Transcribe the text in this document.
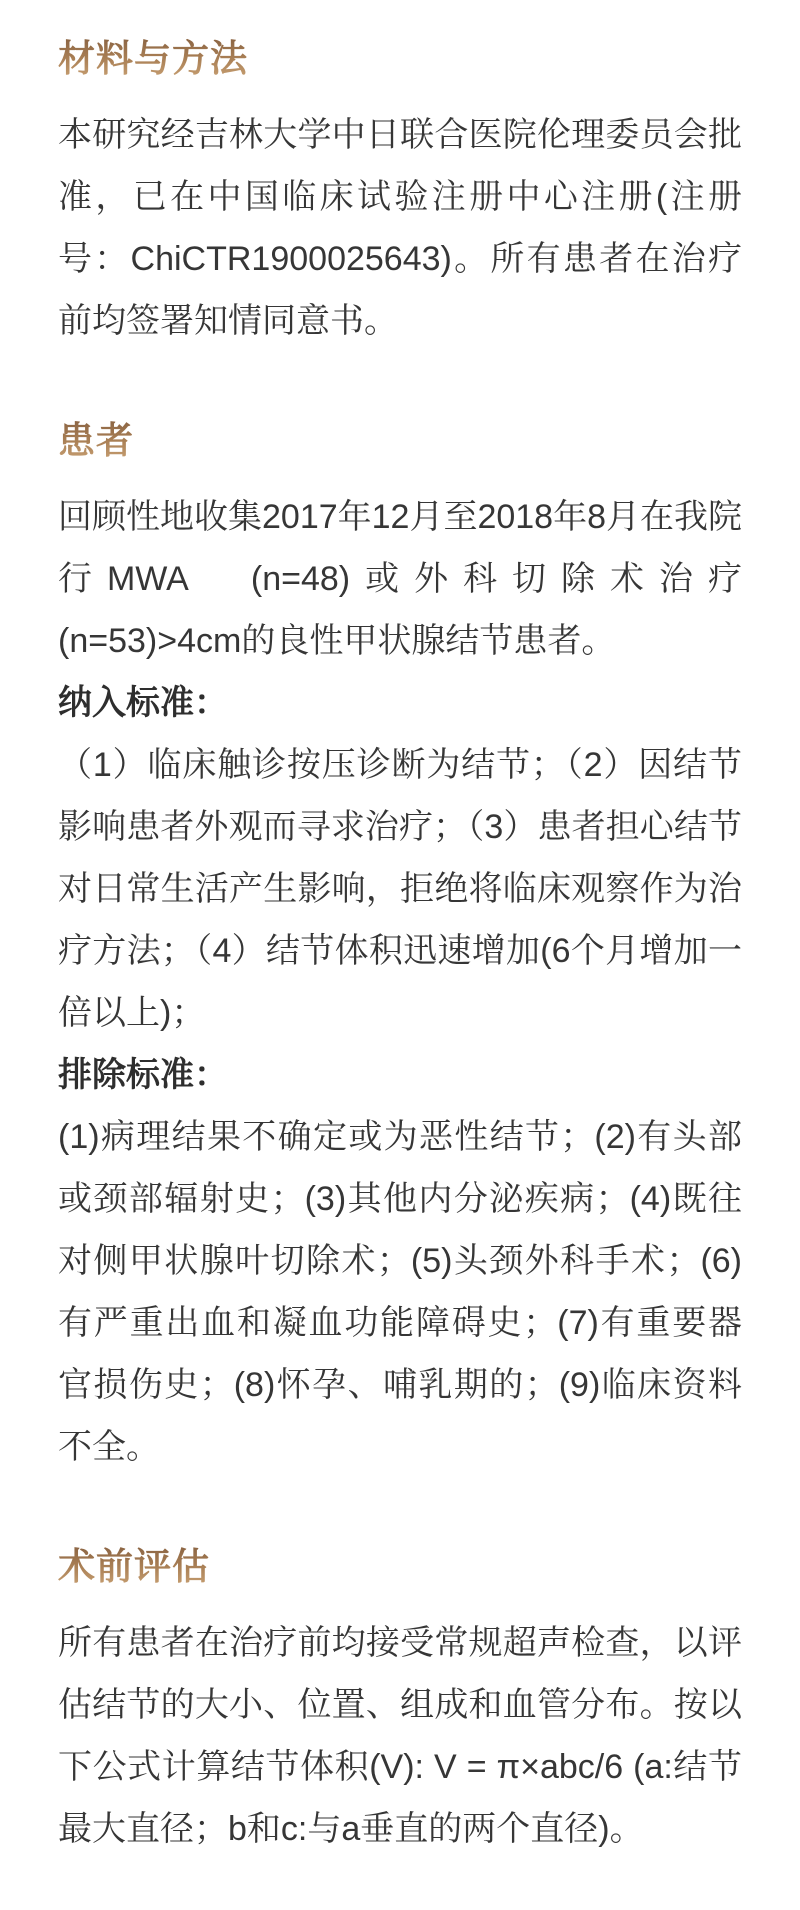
材料与方法

本研究经吉林大学中日联合医院伦理委员会批准，已在中国临床试验注册中心注册(注册号：ChiCTR1900025643)。所有患者在治疗前均签署知情同意书。

患者

回顾性地收集2017年12月至2018年8月在我院行MWA　(n=48)或外科切除术治疗(n=53)>4cm的良性甲状腺结节患者。

纳入标准：

（1）临床触诊按压诊断为结节；（2）因结节影响患者外观而寻求治疗；（3）患者担心结节对日常生活产生影响，拒绝将临床观察作为治疗方法；（4）结节体积迅速增加(6个月增加一倍以上)；

排除标准：

(1)病理结果不确定或为恶性结节；(2)有头部或颈部辐射史；(3)其他内分泌疾病；(4)既往对侧甲状腺叶切除术；(5)头颈外科手术；(6)有严重出血和凝血功能障碍史；(7)有重要器官损伤史；(8)怀孕、哺乳期的；(9)临床资料不全。

术前评估

所有患者在治疗前均接受常规超声检查，以评估结节的大小、位置、组成和血管分布。按以下公式计算结节体积(V): V = π×abc/6 (a:结节最大直径；b和c:与a垂直的两个直径)。
